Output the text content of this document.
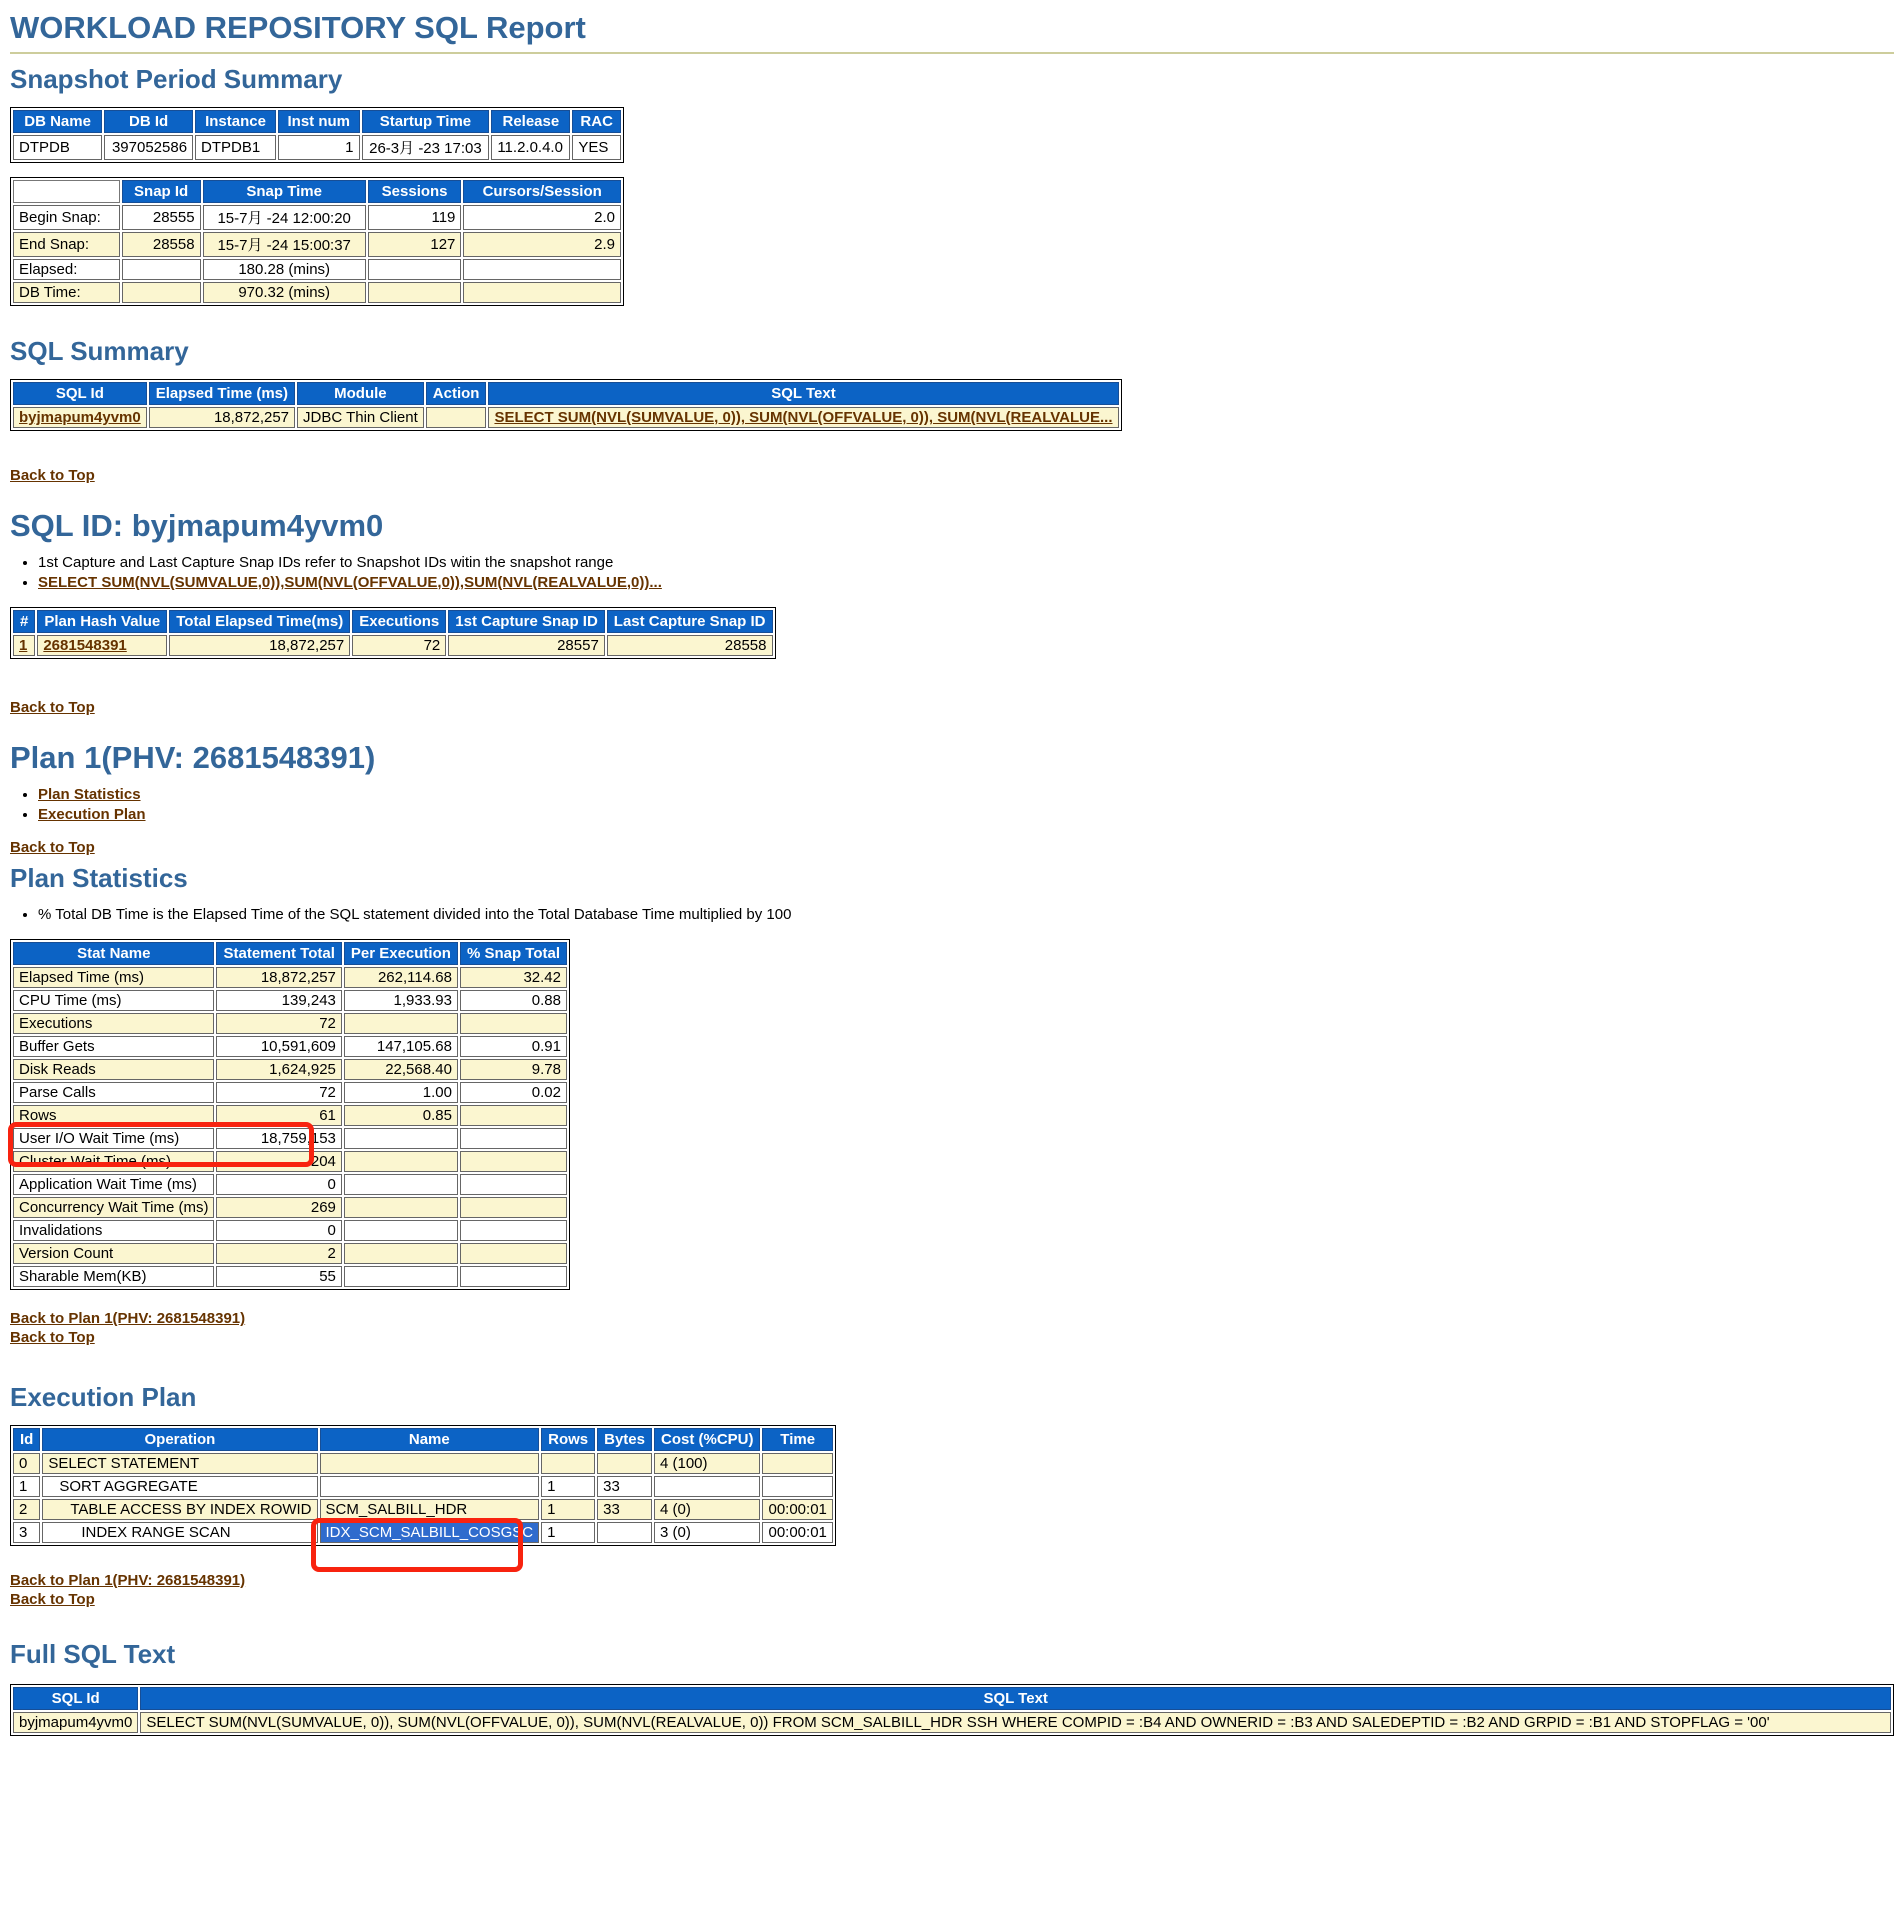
WORKLOAD REPOSITORY SQL Report
Snapshot Period Summary
DB Name	DB Id	Instance	Inst num	Startup Time	Release	RAC
DTPDB	397052586	DTPDB1	1	26-3月 -23 17:03	11.2.0.4.0	YES
	Snap Id	Snap Time	Sessions	Cursors/Session
Begin Snap:	28555	15-7月 -24 12:00:20	119	2.0
End Snap:	28558	15-7月 -24 15:00:37	127	2.9
Elapsed:		180.28 (mins)		
DB Time:		970.32 (mins)		
SQL Summary
SQL Id	Elapsed Time (ms)	Module	Action	SQL Text
byjmapum4yvm0	18,872,257	JDBC Thin Client		SELECT SUM(NVL(SUMVALUE, 0)), SUM(NVL(OFFVALUE, 0)), SUM(NVL(REALVALUE...
Back to Top
SQL ID: byjmapum4yvm0
• 1st Capture and Last Capture Snap IDs refer to Snapshot IDs witin the snapshot range
• SELECT SUM(NVL(SUMVALUE,0)),SUM(NVL(OFFVALUE,0)),SUM(NVL(REALVALUE,0))...
#	Plan Hash Value	Total Elapsed Time(ms)	Executions	1st Capture Snap ID	Last Capture Snap ID
1	2681548391	18,872,257	72	28557	28558
Back to Top
Plan 1(PHV: 2681548391)
• Plan Statistics
• Execution Plan
Back to Top
Plan Statistics
• % Total DB Time is the Elapsed Time of the SQL statement divided into the Total Database Time multiplied by 100
Stat Name	Statement Total	Per Execution	% Snap Total
Elapsed Time (ms)	18,872,257	262,114.68	32.42
CPU Time (ms)	139,243	1,933.93	0.88
Executions	72		
Buffer Gets	10,591,609	147,105.68	0.91
Disk Reads	1,624,925	22,568.40	9.78
Parse Calls	72	1.00	0.02
Rows	61	0.85	
User I/O Wait Time (ms)	18,759,153		
Cluster Wait Time (ms)	204		
Application Wait Time (ms)	0		
Concurrency Wait Time (ms)	269		
Invalidations	0		
Version Count	2		
Sharable Mem(KB)	55		
Back to Plan 1(PHV: 2681548391)
Back to Top
Execution Plan
Id	Operation	Name	Rows	Bytes	Cost (%CPU)	Time
0	SELECT STATEMENT				4 (100)	
1	SORT AGGREGATE		1	33		
2	TABLE ACCESS BY INDEX ROWID	SCM_SALBILL_HDR	1	33	4 (0)	00:00:01
3	INDEX RANGE SCAN	IDX_SCM_SALBILL_COSGSC	1		3 (0)	00:00:01
Back to Plan 1(PHV: 2681548391)
Back to Top
Full SQL Text
SQL Id	SQL Text
byjmapum4yvm0	SELECT SUM(NVL(SUMVALUE, 0)), SUM(NVL(OFFVALUE, 0)), SUM(NVL(REALVALUE, 0)) FROM SCM_SALBILL_HDR SSH WHERE COMPID = :B4 AND OWNERID = :B3 AND SALEDEPTID = :B2 AND GRPID = :B1 AND STOPFLAG = '00'
